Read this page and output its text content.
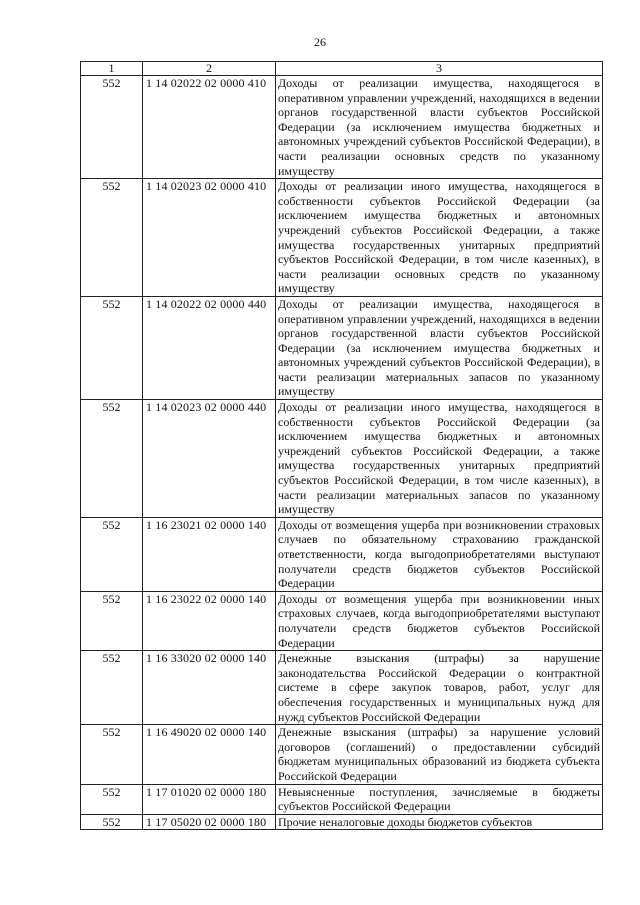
26
1	2	3
552	1 14 02022 02 0000 410	Доходы от реализации имущества, находящегося в оперативном управлении учреждений, находящихся в ведении органов государственной власти субъектов Российской Федерации (за исключением имущества бюджетных и автономных учреждений субъектов Российской Федерации), в части реализации основных средств по указанному имуществу
552	1 14 02023 02 0000 410	Доходы от реализации иного имущества, находящегося в собственности субъектов Российской Федерации (за исключением имущества бюджетных и автономных учреждений субъектов Российской Федерации, а также имущества государственных унитарных предприятий субъектов Российской Федерации, в том числе казенных), в части реализации основных средств по указанному имуществу
552	1 14 02022 02 0000 440	Доходы от реализации имущества, находящегося в оперативном управлении учреждений, находящихся в ведении органов государственной власти субъектов Российской Федерации (за исключением имущества бюджетных и автономных учреждений субъектов Российской Федерации), в части реализации материальных запасов по указанному имуществу
552	1 14 02023 02 0000 440	Доходы от реализации иного имущества, находящегося в собственности субъектов Российской Федерации (за исключением имущества бюджетных и автономных учреждений субъектов Российской Федерации, а также имущества государственных унитарных предприятий субъектов Российской Федерации, в том числе казенных), в части реализации материальных запасов по указанному имуществу
552	1 16 23021 02 0000 140	Доходы от возмещения ущерба при возникновении страховых случаев по обязательному страхованию гражданской ответственности, когда выгодоприобретателями выступают получатели средств бюджетов субъектов Российской Федерации
552	1 16 23022 02 0000 140	Доходы от возмещения ущерба при возникновении иных страховых случаев, когда выгодоприобретателями выступают получатели средств бюджетов субъектов Российской Федерации
552	1 16 33020 02 0000 140	Денежные взыскания (штрафы) за нарушение законодательства Российской Федерации о контрактной системе в сфере закупок товаров, работ, услуг для обеспечения государственных и муниципальных нужд для нужд субъектов Российской Федерации
552	1 16 49020 02 0000 140	Денежные взыскания (штрафы) за нарушение условий договоров (соглашений) о предоставлении субсидий бюджетам муниципальных образований из бюджета субъекта Российской Федерации
552	1 17 01020 02 0000 180	Невыясненные поступления, зачисляемые в бюджеты субъектов Российской Федерации
552	1 17 05020 02 0000 180	Прочие неналоговые доходы бюджетов субъектов
